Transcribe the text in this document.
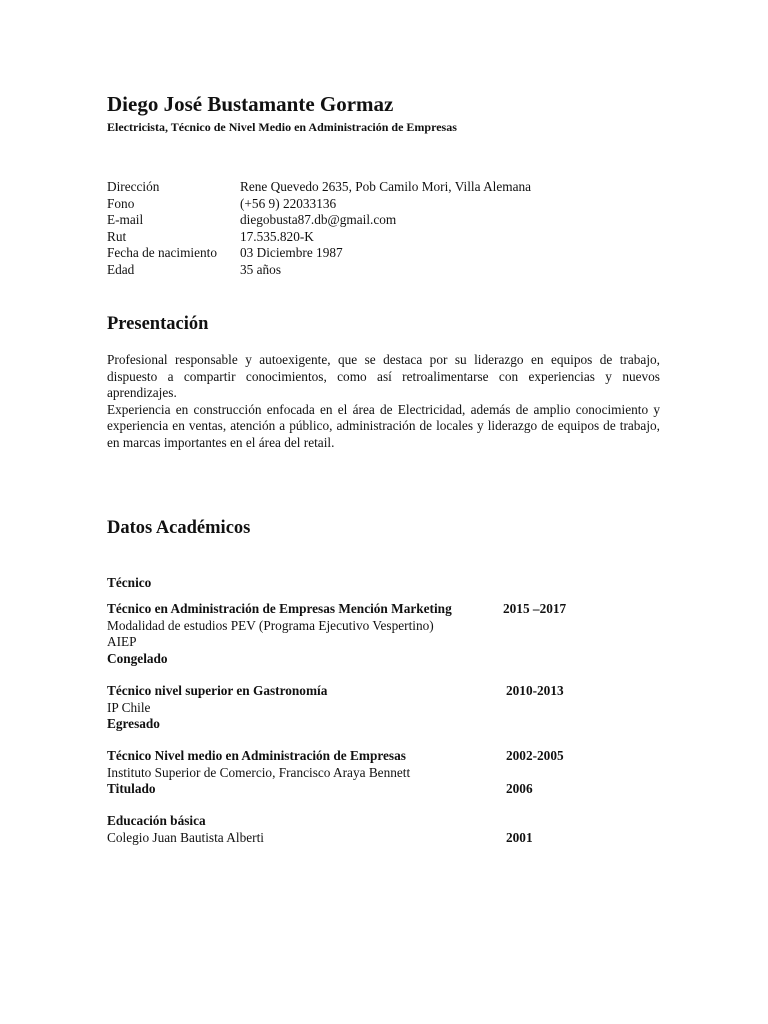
Diego José Bustamante Gormaz
Electricista, Técnico de Nivel Medio en Administración de Empresas
Dirección	Rene Quevedo 2635, Pob Camilo Mori, Villa Alemana
Fono	(+56 9) 22033136
E-mail	diegobusta87.db@gmail.com
Rut	17.535.820-K
Fecha de nacimiento	03 Diciembre 1987
Edad	35 años
Presentación

Profesional responsable y autoexigente, que se destaca por su liderazgo en equipos de trabajo, dispuesto a compartir conocimientos, como así retroalimentarse con experiencias y nuevos aprendizajes.

Experiencia en construcción enfocada en el área de Electricidad, además de amplio conocimiento y experiencia en ventas, atención a público, administración de locales y liderazgo de equipos de trabajo, en marcas importantes en el área del retail.

Datos Académicos
Técnico
Técnico en Administración de Empresas Mención Marketing	2015 –2017
Modalidad de estudios PEV (Programa Ejecutivo Vespertino)
AIEP
Congelado
Técnico nivel superior en Gastronomía	2010-2013
IP Chile
Egresado
Técnico Nivel medio en Administración de Empresas	2002-2005
Instituto Superior de Comercio, Francisco Araya Bennett
Titulado	2006
Educación básica
Colegio Juan Bautista Alberti	2001
